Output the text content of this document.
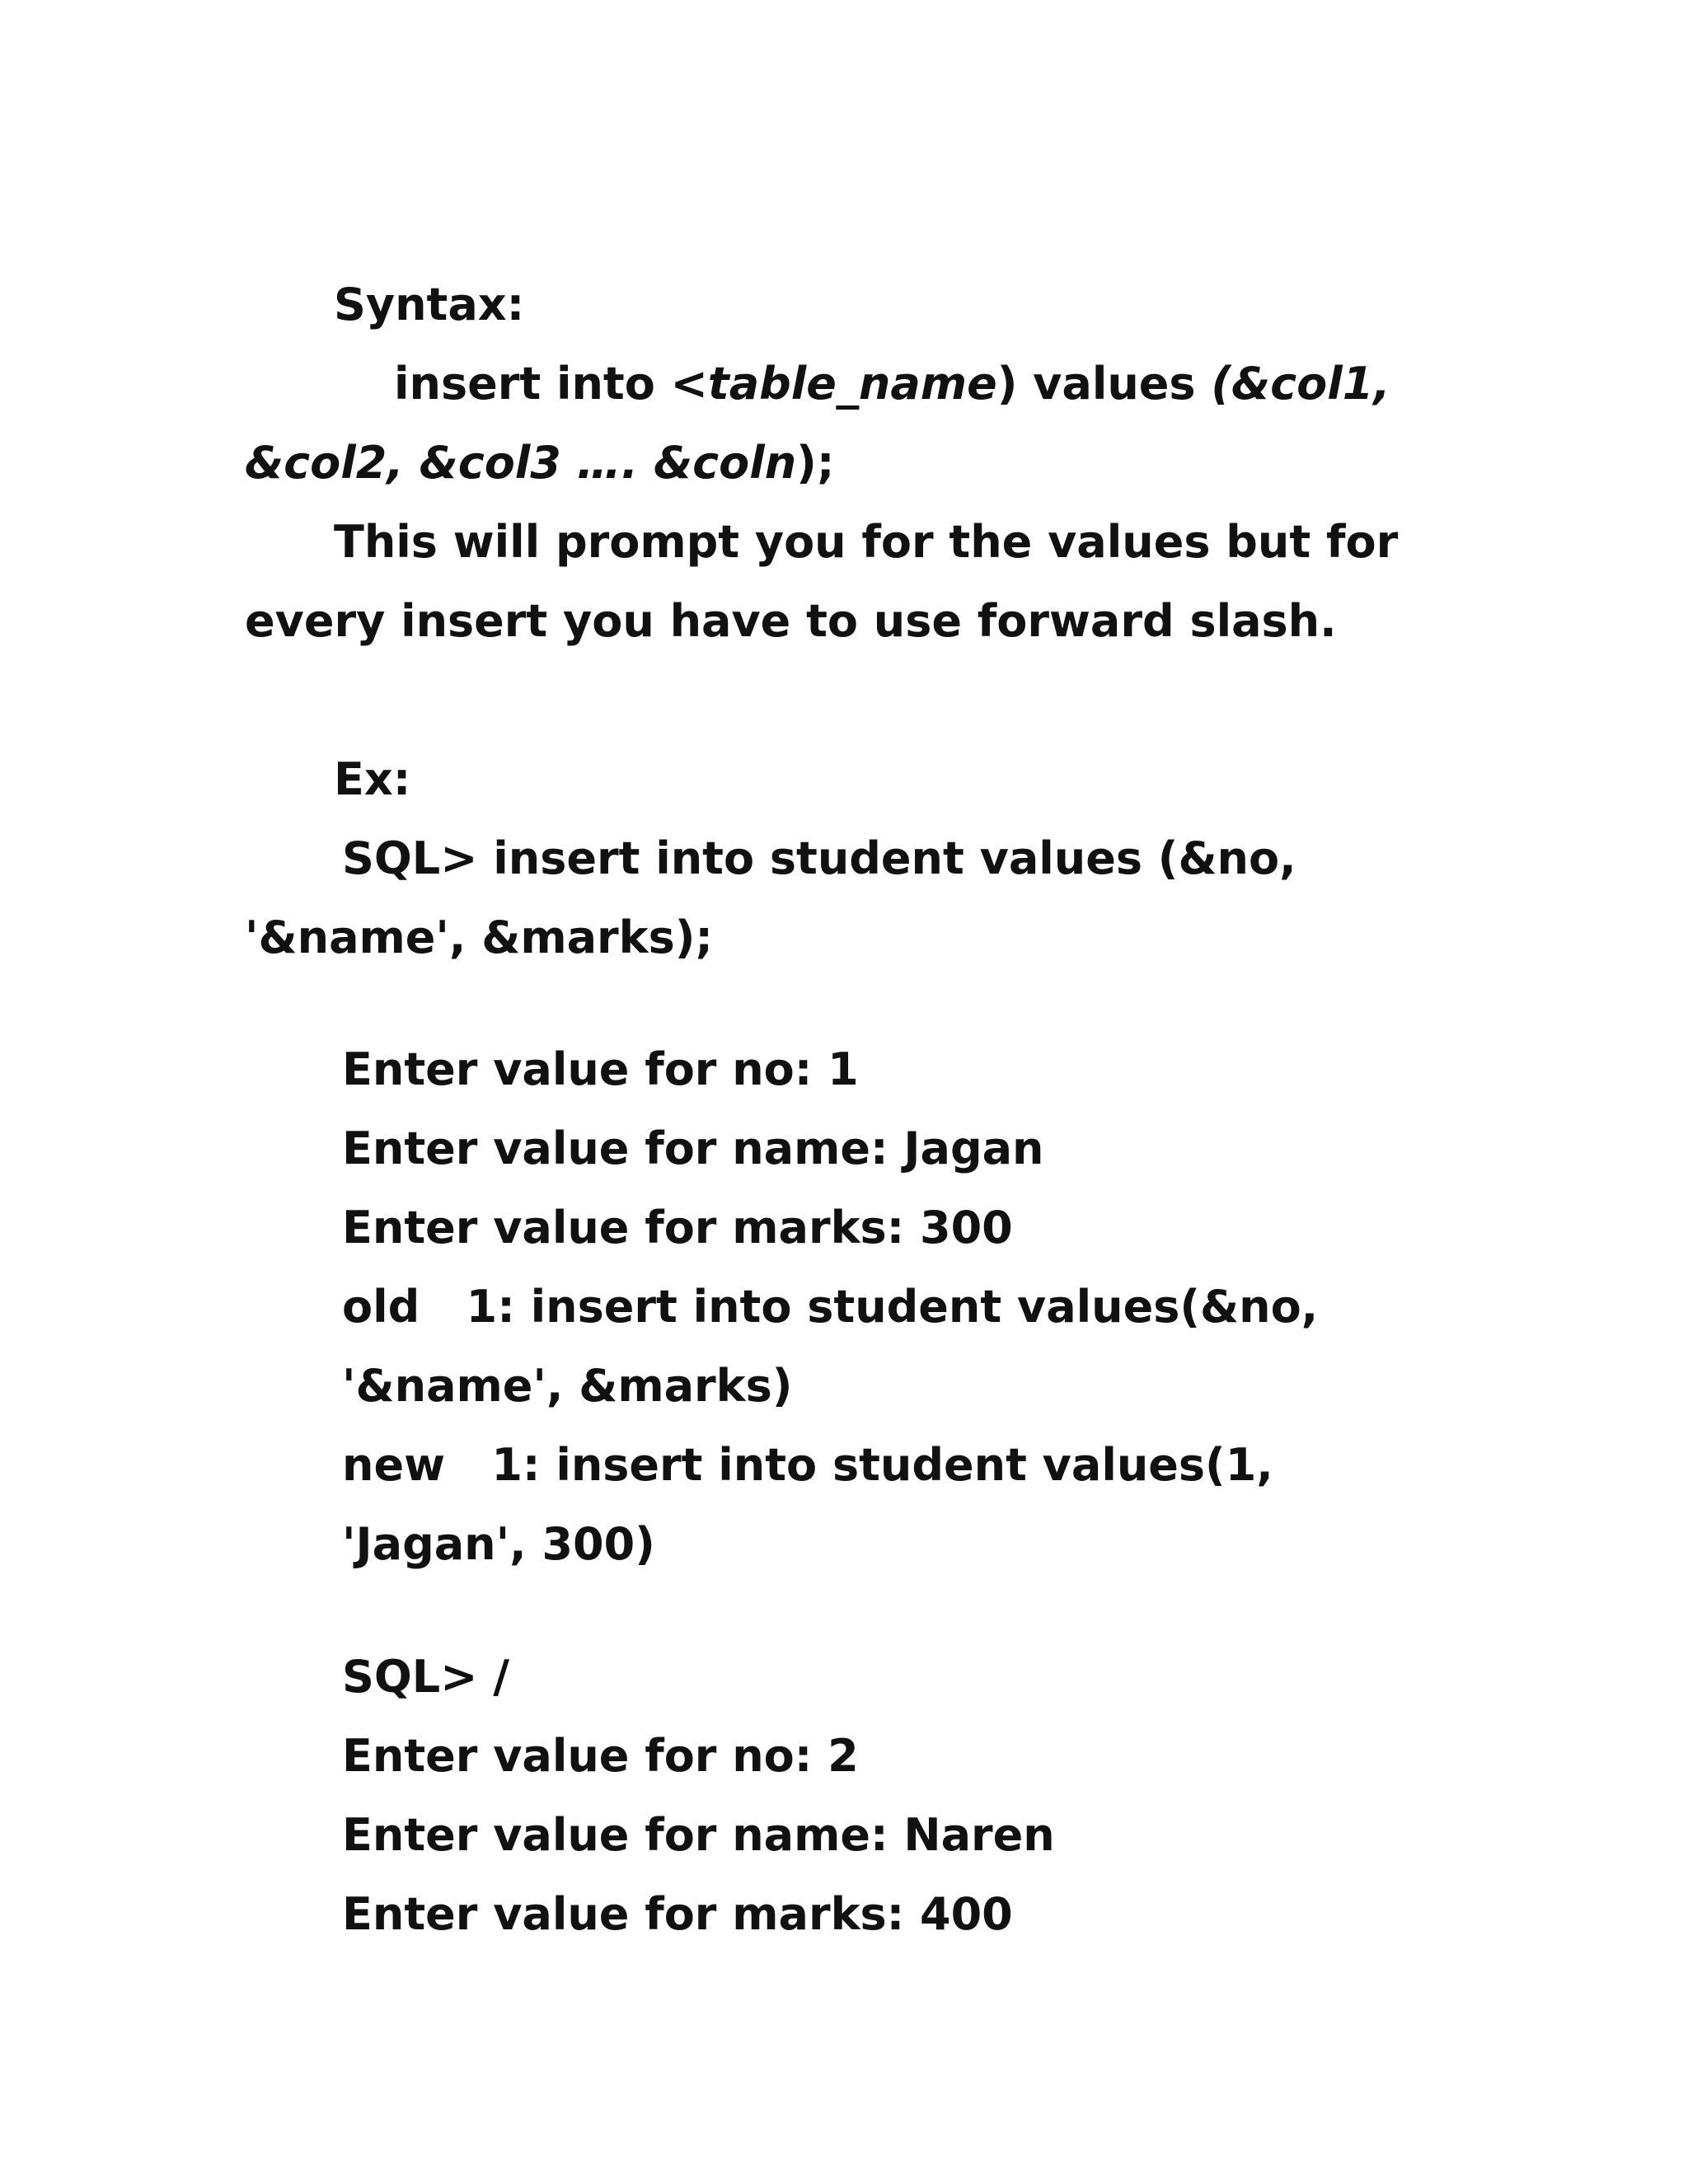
Syntax:

insert into <table_name) values (&col1,

&col2, &col3 …. &coln);

This will prompt you for the values but for

every insert you have to use forward slash.

Ex:

SQL> insert into student values (&no,

'&name', &marks);

Enter value for no: 1

Enter value for name: Jagan

Enter value for marks: 300

old   1: insert into student values(&no,

'&name', &marks)

new   1: insert into student values(1,

'Jagan', 300)

SQL> /

Enter value for no: 2

Enter value for name: Naren

Enter value for marks: 400
